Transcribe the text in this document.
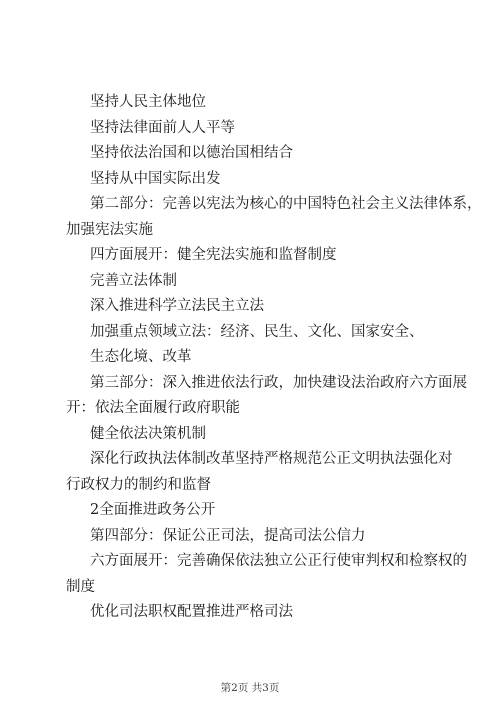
坚持人民主体地位
坚持法律面前人人平等
坚持依法治国和以德治国相结合
坚持从中国实际出发
第二部分：完善以宪法为核心的中国特色社会主义法律体系，
加强宪法实施
四方面展开：健全宪法实施和监督制度
完善立法体制
深入推进科学立法民主立法
加强重点领域立法：经济、民生、文化、国家安全、
生态化境、改革
第三部分：深入推进依法行政，加快建设法治政府六方面展
开：依法全面履行政府职能
健全依法决策机制
深化行政执法体制改革坚持严格规范公正文明执法强化对
行政权力的制约和监督
2全面推进政务公开
第四部分：保证公正司法，提高司法公信力
六方面展开：完善确保依法独立公正行使审判权和检察权的
制度
优化司法职权配置推进严格司法
第2页 共3页
